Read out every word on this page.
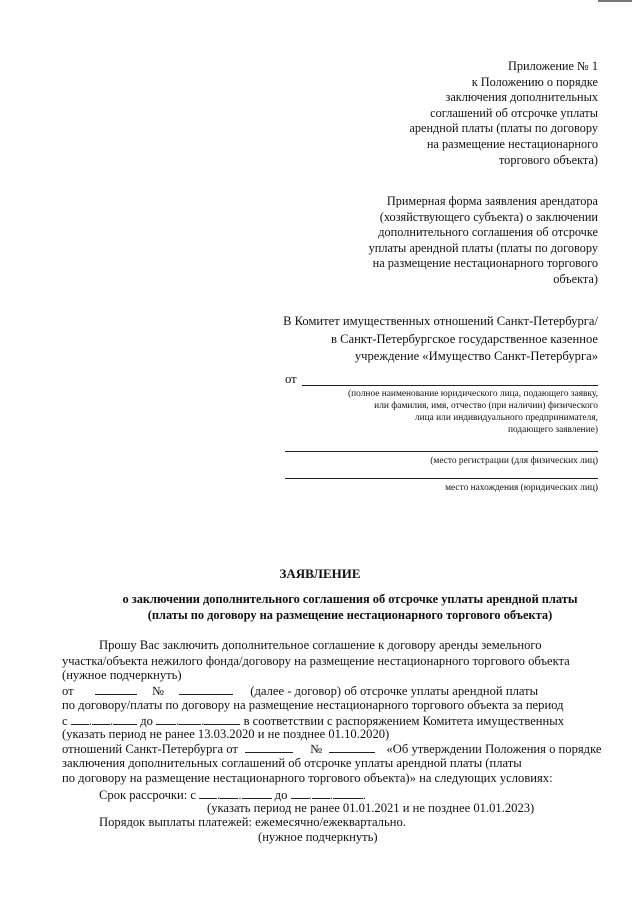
Приложение № 1
к Положению о порядке
заключения дополнительных
соглашений об отсрочке уплаты
арендной платы (платы по договору
на размещение нестационарного
торгового объекта)
Примерная форма заявления арендатора
(хозяйствующего субъекта) о заключении
дополнительного соглашения об отсрочке
уплаты арендной платы (платы по договору
на размещение нестационарного торгового
объекта)
В Комитет имущественных отношений Санкт-Петербурга/
в Санкт-Петербургское государственное казенное
учреждение «Имущество Санкт-Петербурга»
от
(полное наименование юридического лица, подающего заявку,
или фамилия, имя, отчество (при наличии) физического
лица или индивидуального предпринимателя,
подающего заявление)
(место регистрации (для физических лиц)
место нахождения (юридических лиц)
ЗАЯВЛЕНИЕ
о заключении дополнительного соглашения об отсрочке уплаты арендной платы
(платы по договору на размещение нестационарного торгового объекта)
Прошу Вас заключить дополнительное соглашение к договору аренды земельного
участка/объекта нежилого фонда/договору на размещение нестационарного торгового объекта
(нужное подчеркнуть)
от	№	(далее - договор) об отсрочке уплаты арендной платы
по договору/платы по договору на размещение нестационарного торгового объекта за период
с . . до . .	в соответствии с распоряжением Комитета имущественных
(указать период не ранее 13.03.2020 и не позднее 01.10.2020)
отношений Санкт-Петербурга от	№	«Об утверждении Положения о порядке
заключения дополнительных соглашений об отсрочке уплаты арендной платы (платы
по договору на размещение нестационарного торгового объекта)» на следующих условиях:
Срок рассрочки: с . .	до . . .
(указать период не ранее 01.01.2021 и не позднее 01.01.2023)
Порядок выплаты платежей: ежемесячно/ежеквартально.
(нужное подчеркнуть)
